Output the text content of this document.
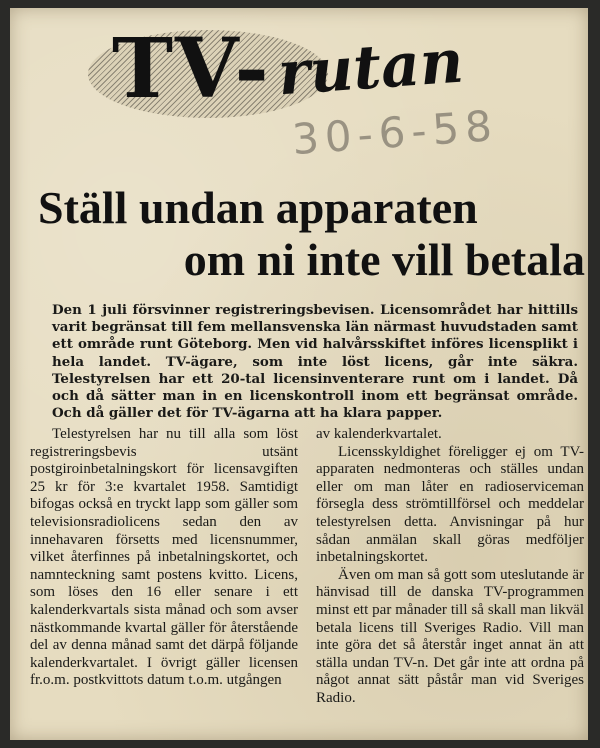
TV- rutan
30-6-58
Ställ undan apparaten
om ni inte vill betala
Den 1 juli försvinner registreringsbevisen. Licensområdet har hittills varit begränsat till fem mellansvenska län närmast huvudstaden samt ett område runt Göteborg. Men vid halvårsskiftet införes licensplikt i hela landet. TV-ägare, som inte löst licens, går inte säkra. Telestyrelsen har ett 20-tal licensinventerare runt om i landet. Då och då sätter man in en licenskontroll inom ett begränsat område. Och då gäller det för TV-ägarna att ha klara papper.

Telestyrelsen har nu till alla som löst registreringsbevis utsänt postgiroinbetalningskort för licensavgiften 25 kr för 3:e kvartalet 1958. Samtidigt bifogas också en tryckt lapp som gäller som televisionsradiolicens sedan den av innehavaren försetts med licensnummer, vilket återfinnes på inbetalningskortet, och namnteckning samt postens kvitto. Licens, som löses den 16 eller senare i ett kalenderkvartals sista månad och som avser nästkommande kvartal gäller för återstående del av denna månad samt det därpå följande kalenderkvartalet. I övrigt gäller licensen fr.o.m. postkvittots datum t.o.m. utgången

av kalenderkvartalet.

Licensskyldighet föreligger ej om TV-apparaten nedmonteras och ställes undan eller om man låter en radioserviceman försegla dess strömtillförsel och meddelar telestyrelsen detta. Anvisningar på hur sådan anmälan skall göras medföljer inbetalningskortet.

Även om man så gott som uteslutande är hänvisad till de danska TV-programmen minst ett par månader till så skall man likväl betala licens till Sveriges Radio. Vill man inte göra det så återstår inget annat än att ställa undan TV-n. Det går inte att ordna på något annat sätt påstår man vid Sveriges Radio.
